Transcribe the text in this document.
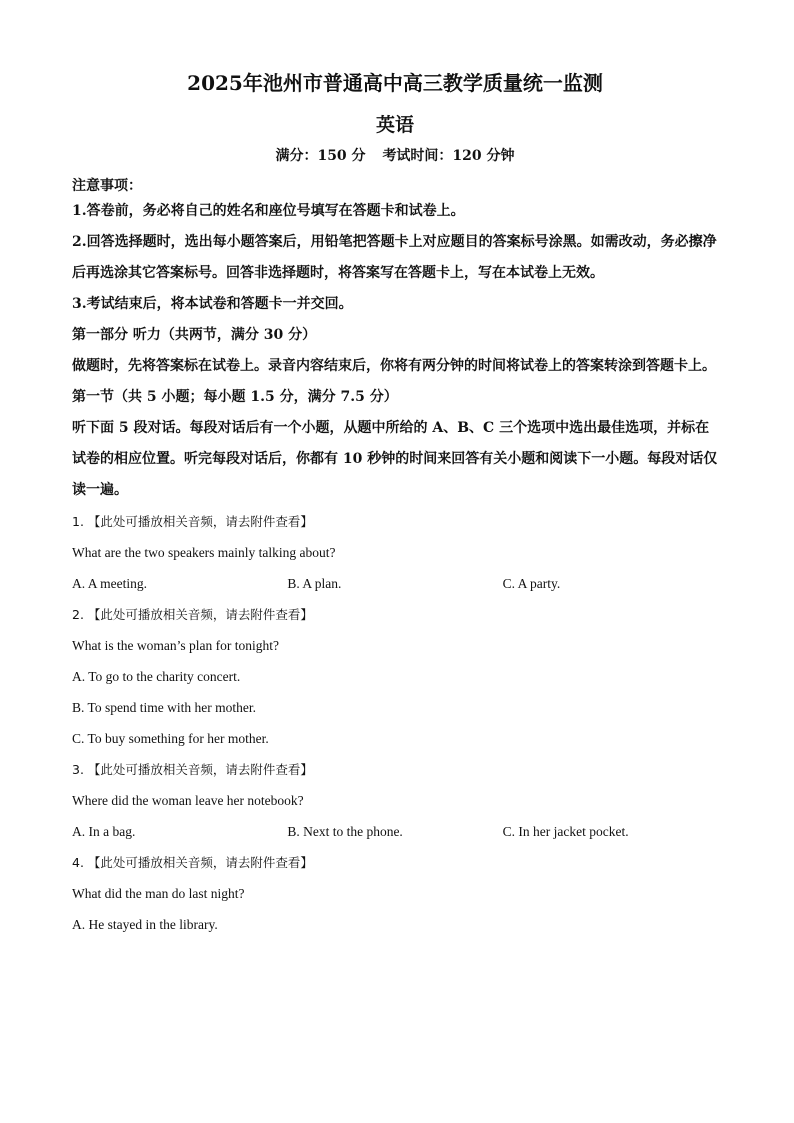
2025年池州市普通高中高三教学质量统一监测
英语
满分：150 分 考试时间：120 分钟
注意事项：

1.答卷前，务必将自己的姓名和座位号填写在答题卡和试卷上。

2.回答选择题时，选出每小题答案后，用铅笔把答题卡上对应题目的答案标号涂黑。如需改动，务必擦净后再选涂其它答案标号。回答非选择题时，将答案写在答题卡上，写在本试卷上无效。

3.考试结束后，将本试卷和答题卡一并交回。

第一部分 听力（共两节，满分 30 分）

做题时，先将答案标在试卷上。录音内容结束后，你将有两分钟的时间将试卷上的答案转涂到答题卡上。

第一节（共 5 小题；每小题 1.5 分，满分 7.5 分）

听下面 5 段对话。每段对话后有一个小题，从题中所给的 A、B、C 三个选项中选出最佳选项，并标在试卷的相应位置。听完每段对话后，你都有 10 秒钟的时间来回答有关小题和阅读下一小题。每段对话仅读一遍。

1. 【此处可播放相关音频，请去附件查看】

What are the two speakers mainly talking about?

A. A meeting.	B. A plan.	C. A party.

2. 【此处可播放相关音频，请去附件查看】

What is the woman’s plan for tonight?

A. To go to the charity concert.
B. To spend time with her mother.
C. To buy something for her mother.

3. 【此处可播放相关音频，请去附件查看】

Where did the woman leave her notebook?

A. In a bag.	B. Next to the phone.	C. In her jacket pocket.

4. 【此处可播放相关音频，请去附件查看】

What did the man do last night?

A. He stayed in the library.
